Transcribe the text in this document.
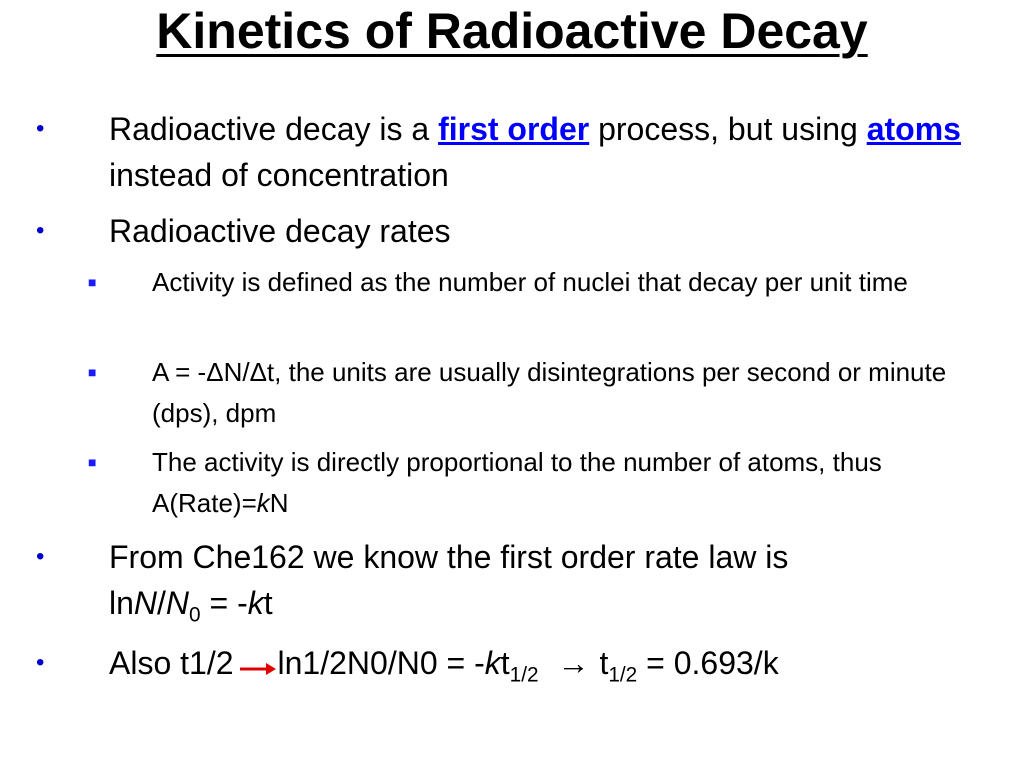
Kinetics of Radioactive Decay
• Radioactive decay is a first order process, but using atoms instead of concentration
• Radioactive decay rates
■ Activity is defined as the number of nuclei that decay per unit time
■ A = -ΔN/Δt, the units are usually disintegrations per second or minute (dps), dpm
■ The activity is directly proportional to the number of atoms, thus A(Rate)=kN
• From Che162 we know the first order rate law is
lnN/$N_0 = -kt$
• Also t1/2 $\ln 1/2N0/N0 = -kt_{1/2} \to t_{1/2} = 0.693/k$
